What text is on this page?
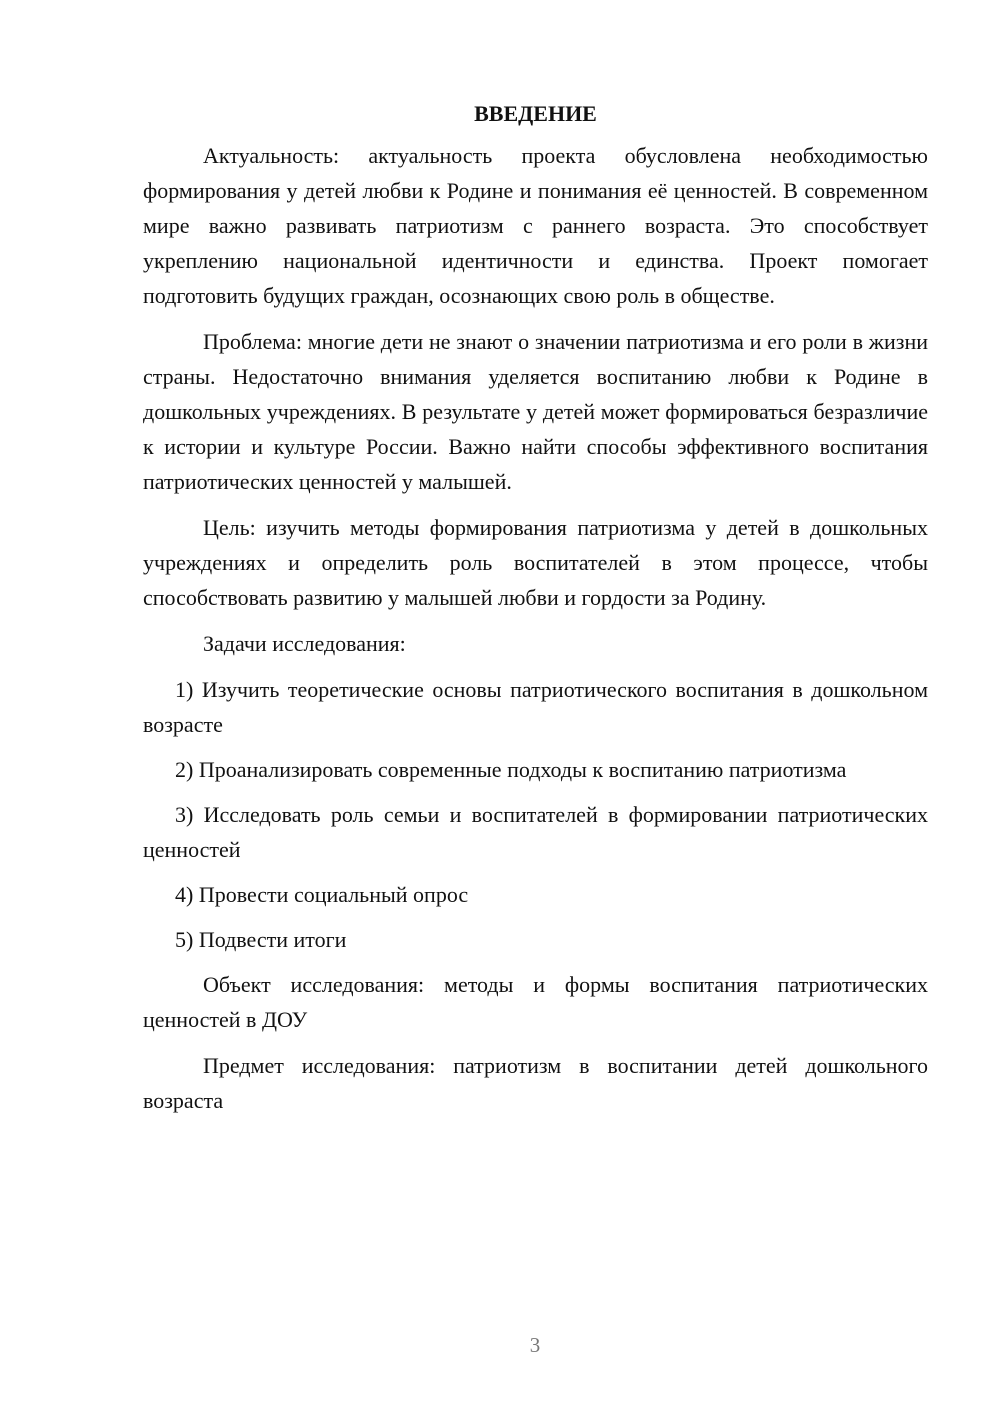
ВВЕДЕНИЕ

Актуальность: актуальность проекта обусловлена необходимостью формирования у детей любви к Родине и понимания её ценностей. В современном мире важно развивать патриотизм с раннего возраста. Это способствует укреплению национальной идентичности и единства. Проект помогает подготовить будущих граждан, осознающих свою роль в обществе.

Проблема: многие дети не знают о значении патриотизма и его роли в жизни страны. Недостаточно внимания уделяется воспитанию любви к Родине в дошкольных учреждениях. В результате у детей может формироваться безразличие к истории и культуре России. Важно найти способы эффективного воспитания патриотических ценностей у малышей.

Цель: изучить методы формирования патриотизма у детей в дошкольных учреждениях и определить роль воспитателей в этом процессе, чтобы способствовать развитию у малышей любви и гордости за Родину.

Задачи исследования:

1) Изучить теоретические основы патриотического воспитания в дошкольном возрасте

2) Проанализировать современные подходы к воспитанию патриотизма

3) Исследовать роль семьи и воспитателей в формировании патриотических ценностей

4) Провести социальный опрос

5) Подвести итоги

Объект исследования: методы и формы воспитания патриотических ценностей в ДОУ

Предмет исследования: патриотизм в воспитании детей дошкольного возраста

3
